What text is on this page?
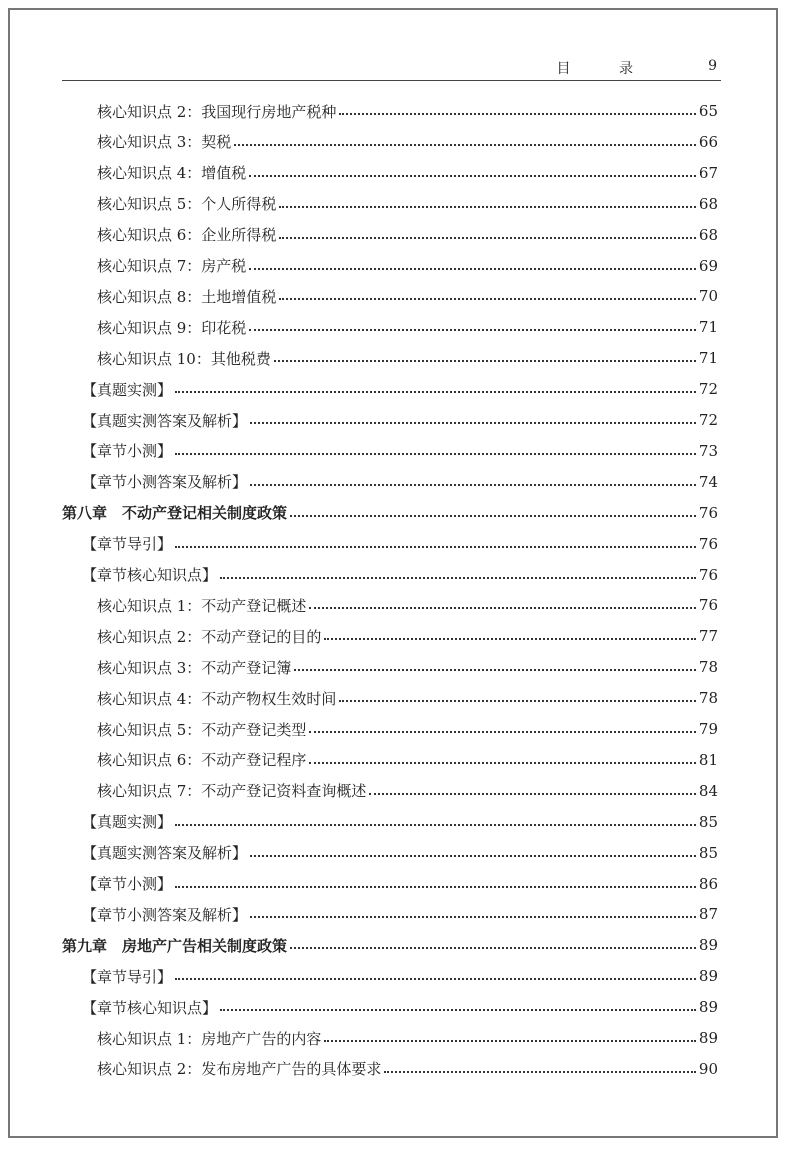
目 录	9
核心知识点 2：我国现行房地产税种	65
核心知识点 3：契税	66
核心知识点 4：增值税	67
核心知识点 5：个人所得税	68
核心知识点 6：企业所得税	68
核心知识点 7：房产税	69
核心知识点 8：土地增值税	70
核心知识点 9：印花税	71
核心知识点 10：其他税费	71
【真题实测】	72
【真题实测答案及解析】	72
【章节小测】	73
【章节小测答案及解析】	74
第八章　不动产登记相关制度政策	76
【章节导引】	76
【章节核心知识点】	76
核心知识点 1：不动产登记概述	76
核心知识点 2：不动产登记的目的	77
核心知识点 3：不动产登记簿	78
核心知识点 4：不动产物权生效时间	78
核心知识点 5：不动产登记类型	79
核心知识点 6：不动产登记程序	81
核心知识点 7：不动产登记资料查询概述	84
【真题实测】	85
【真题实测答案及解析】	85
【章节小测】	86
【章节小测答案及解析】	87
第九章　房地产广告相关制度政策	89
【章节导引】	89
【章节核心知识点】	89
核心知识点 1：房地产广告的内容	89
核心知识点 2：发布房地产广告的具体要求	90
